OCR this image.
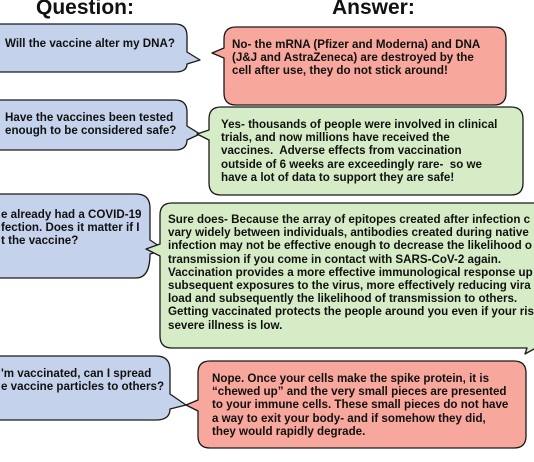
Question:	Answer:
Will the vaccine alter my DNA?
Have the vaccines been tested
enough to be considered safe?
e already had a COVID-19
fection. Does it matter if I
t the vaccine?
'm vaccinated, can I spread
e vaccine particles to others?
No- the mRNA (Pfizer and Moderna) and DNA
(J&J and AstraZeneca) are destroyed by the
cell after use, they do not stick around!
Yes- thousands of people were involved in clinical
trials, and now millions have received the
vaccines.  Adverse effects from vaccination
outside of 6 weeks are exceedingly rare-  so we
have a lot of data to support they are safe!
Sure does- Because the array of epitopes created after infection c
vary widely between individuals, antibodies created during native
infection may not be effective enough to decrease the likelihood o
transmission if you come in contact with SARS-CoV-2 again.
Vaccination provides a more effective immunological response up
subsequent exposures to the virus, more effectively reducing vira
load and subsequently the likelihood of transmission to others.
Getting vaccinated protects the people around you even if your ris
severe illness is low.
Nope. Once your cells make the spike protein, it is
“chewed up” and the very small pieces are presented
to your immune cells. These small pieces do not have
a way to exit your body- and if somehow they did,
they would rapidly degrade.
